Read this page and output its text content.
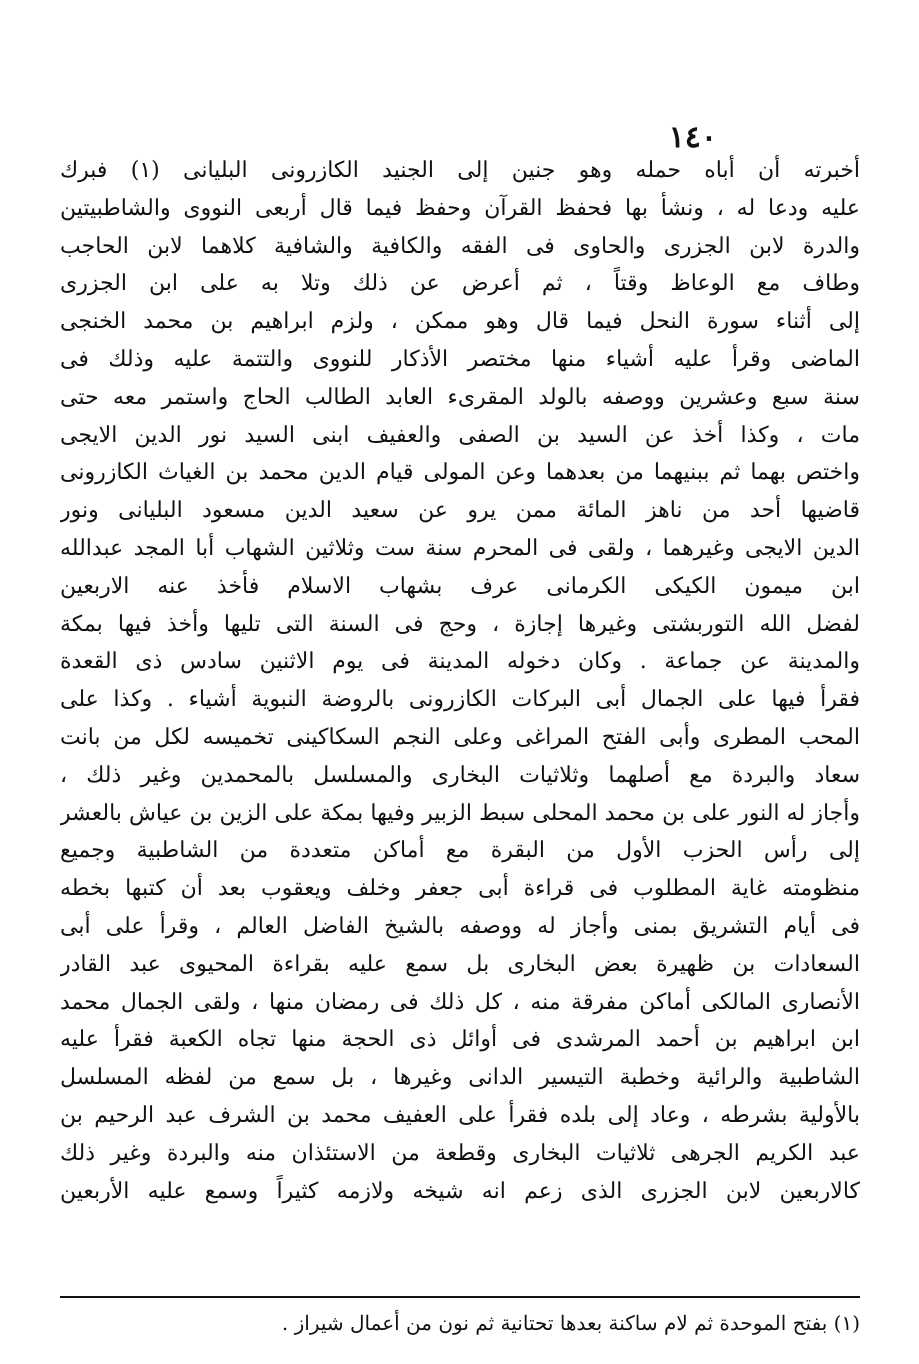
١٤٠
أخبرته أن أباه حمله وهو جنين إلى الجنيد الكازرونى البليانى (١) فبرك
عليه ودعا له ، ونشأ بها فحفظ القرآن وحفظ فيما قال أربعى النووى والشاطبيتين
والدرة لابن الجزرى والحاوى فى الفقه والكافية والشافية كلاهما لابن الحاجب
وطاف مع الوعاظ وقتاً ، ثم أعرض عن ذلك وتلا به على ابن الجزرى
إلى أثناء سورة النحل فيما قال وهو ممكن ، ولزم ابراهيم بن محمد الخنجى
الماضى وقرأ عليه أشياء منها مختصر الأذكار للنووى والتتمة عليه وذلك فى
سنة سبع وعشرين ووصفه بالولد المقرىء العابد الطالب الحاج واستمر معه حتى
مات ، وكذا أخذ عن السيد بن الصفى والعفيف ابنى السيد نور الدين الايجى
واختص بهما ثم ببنيهما من بعدهما وعن المولى قيام الدين محمد بن الغياث الكازرونى
قاضيها أحد من ناهز المائة ممن يرو عن سعيد الدين مسعود البليانى ونور
الدين الايجى وغيرهما ، ولقى فى المحرم سنة ست وثلاثين الشهاب أبا المجد عبدالله
ابن ميمون الكيكى الكرمانى عرف بشهاب الاسلام فأخذ عنه الاربعين
لفضل الله التوربشتى وغيرها إجازة ، وحج فى السنة التى تليها وأخذ فيها بمكة
والمدينة عن جماعة . وكان دخوله المدينة فى يوم الاثنين سادس ذى القعدة
فقرأ فيها على الجمال أبى البركات الكازرونى بالروضة النبوية أشياء . وكذا على
المحب المطرى وأبى الفتح المراغى وعلى النجم السكاكينى تخميسه لكل من بانت
سعاد والبردة مع أصلهما وثلاثيات البخارى والمسلسل بالمحمدين وغير ذلك ،
وأجاز له النور على بن محمد المحلى سبط الزبير وفيها بمكة على الزين بن عياش بالعشر
إلى رأس الحزب الأول من البقرة مع أماكن متعددة من الشاطبية وجميع
منظومته غاية المطلوب فى قراءة أبى جعفر وخلف ويعقوب بعد أن كتبها بخطه
فى أيام التشريق بمنى وأجاز له ووصفه بالشيخ الفاضل العالم ، وقرأ على أبى
السعادات بن ظهيرة بعض البخارى بل سمع عليه بقراءة المحيوى عبد القادر
الأنصارى المالكى أماكن مفرقة منه ، كل ذلك فى رمضان منها ، ولقى الجمال محمد
ابن ابراهيم بن أحمد المرشدى فى أوائل ذى الحجة منها تجاه الكعبة فقرأ عليه
الشاطبية والرائية وخطبة التيسير الدانى وغيرها ، بل سمع من لفظه المسلسل
بالأولية بشرطه ، وعاد إلى بلده فقرأ على العفيف محمد بن الشرف عبد الرحيم بن
عبد الكريم الجرهى ثلاثيات البخارى وقطعة من الاستئذان منه والبردة وغير ذلك
كالاربعين لابن الجزرى الذى زعم انه شيخه ولازمه كثيراً وسمع عليه الأربعين
(١) بفتح الموحدة ثم لام ساكنة بعدها تحتانية ثم نون من أعمال شيراز .
